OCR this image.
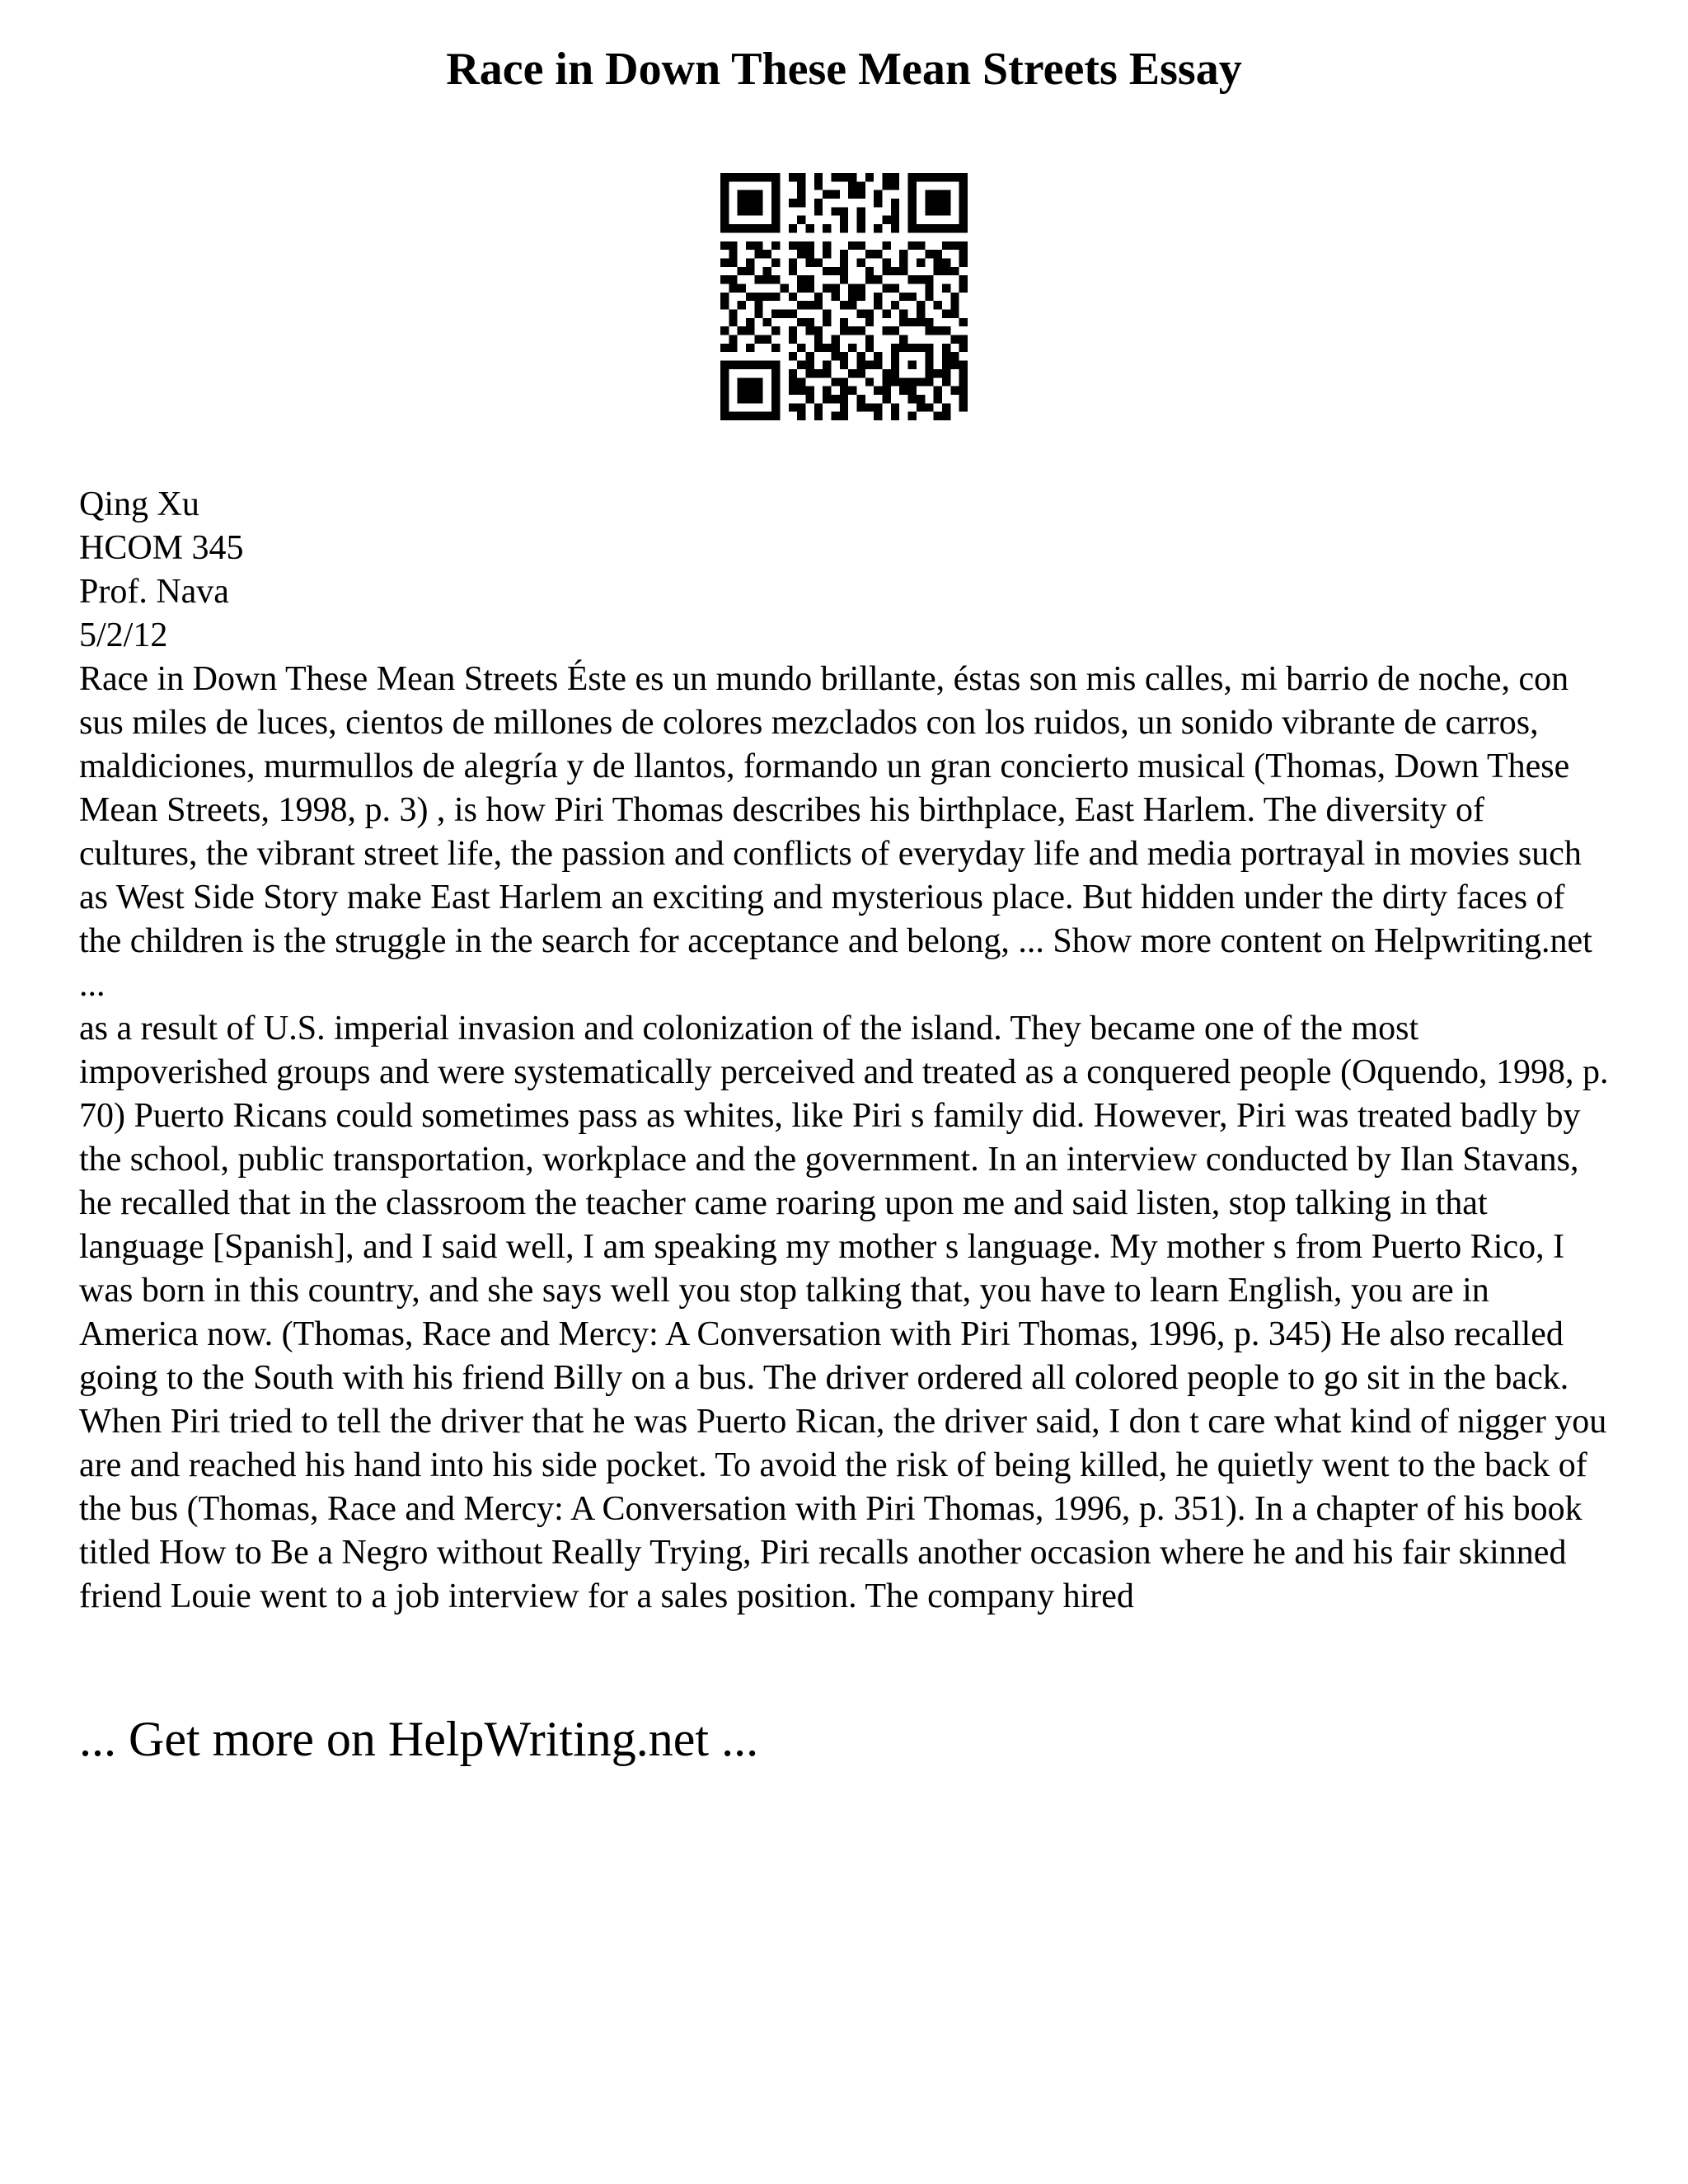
Race in Down These Mean Streets Essay
Qing Xu
HCOM 345
Prof. Nava
5/2/12

Race in Down These Mean Streets Éste es un mundo brillante, éstas son mis calles, mi barrio de noche, con sus miles de luces, cientos de millones de colores mezclados con los ruidos, un sonido vibrante de carros, maldiciones, murmullos de alegría y de llantos, formando un gran concierto musical (Thomas, Down These Mean Streets, 1998, p. 3) , is how Piri Thomas describes his birthplace, East Harlem. The diversity of cultures, the vibrant street life, the passion and conflicts of everyday life and media portrayal in movies such as West Side Story make East Harlem an exciting and mysterious place. But hidden under the dirty faces of the children is the struggle in the search for acceptance and belong, ... Show more content on Helpwriting.net ...

as a result of U.S. imperial invasion and colonization of the island. They became one of the most impoverished groups and were systematically perceived and treated as a conquered people (Oquendo, 1998, p. 70) Puerto Ricans could sometimes pass as whites, like Piri s family did. However, Piri was treated badly by the school, public transportation, workplace and the government. In an interview conducted by Ilan Stavans, he recalled that in the classroom the teacher came roaring upon me and said listen, stop talking in that language [Spanish], and I said well, I am speaking my mother s language. My mother s from Puerto Rico, I was born in this country, and she says well you stop talking that, you have to learn English, you are in America now. (Thomas, Race and Mercy: A Conversation with Piri Thomas, 1996, p. 345) He also recalled going to the South with his friend Billy on a bus. The driver ordered all colored people to go sit in the back. When Piri tried to tell the driver that he was Puerto Rican, the driver said, I don t care what kind of nigger you are and reached his hand into his side pocket. To avoid the risk of being killed, he quietly went to the back of the bus (Thomas, Race and Mercy: A Conversation with Piri Thomas, 1996, p. 351). In a chapter of his book titled How to Be a Negro without Really Trying, Piri recalls another occasion where he and his fair skinned friend Louie went to a job interview for a sales position. The company hired

... Get more on HelpWriting.net ...
